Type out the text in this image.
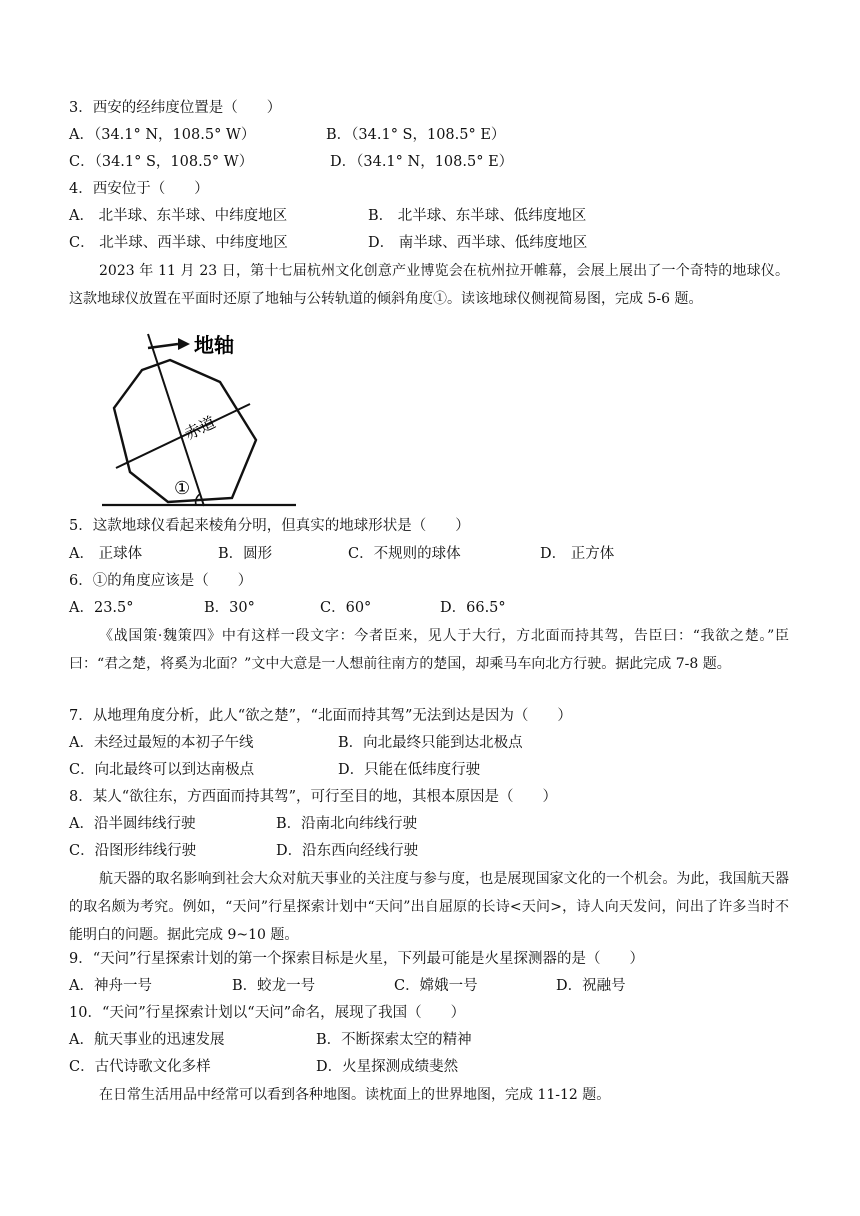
3．西安的经纬度位置是（　　）
A．（34.1° N，108.5° W）	B．（34.1° S，108.5° E）
C．（34.1° S，108.5° W）	D．（34.1° N，108.5° E）
4．西安位于（　　）
A． 北半球、东半球、中纬度地区	B． 北半球、东半球、低纬度地区
C． 北半球、西半球、中纬度地区	D． 南半球、西半球、低纬度地区
2023 年 11 月 23 日，第十七届杭州文化创意产业博览会在杭州拉开帷幕，会展上展出了一个奇特的地球仪。这款地球仪放置在平面时还原了地轴与公转轨道的倾斜角度①。读该地球仪侧视简易图，完成 5-6 题。
地轴
赤道
①
5．这款地球仪看起来棱角分明，但真实的地球形状是（　　）
A． 正球体	B．圆形	C．不规则的球体	D． 正方体
6．①的角度应该是（　　）
A．23.5°	B．30°	C．60°	D．66.5°
《战国策·魏策四》中有这样一段文字：今者臣来，见人于大行，方北面而持其驾，告臣曰：“我欲之楚。”臣曰：“君之楚，将奚为北面？”文中大意是一人想前往南方的楚国，却乘马车向北方行驶。据此完成 7-8 题。
7．从地理角度分析，此人“欲之楚”，“北面而持其驾”无法到达是因为（　　）
A．未经过最短的本初子午线	B．向北最终只能到达北极点
C．向北最终可以到达南极点	D．只能在低纬度行驶
8．某人“欲往东，方西面而持其驾”，可行至目的地，其根本原因是（　　）
A．沿半圆纬线行驶	B．沿南北向纬线行驶
C．沿图形纬线行驶	D．沿东西向经线行驶
航天器的取名影响到社会大众对航天事业的关注度与参与度，也是展现国家文化的一个机会。为此，我国航天器的取名颇为考究。例如，“天问”行星探索计划中“天问”出自屈原的长诗<天问>，诗人向天发问，问出了许多当时不能明白的问题。据此完成 9~10 题。
9．“天问”行星探索计划的第一个探索目标是火星，下列最可能是火星探测器的是（　　）
A．神舟一号	B．蛟龙一号	C．嫦娥一号	D．祝融号
10．“天问”行星探索计划以“天问”命名，展现了我国（　　）
A．航天事业的迅速发展	B．不断探索太空的精神
C．古代诗歌文化多样	D．火星探测成绩斐然
在日常生活用品中经常可以看到各种地图。读枕面上的世界地图，完成 11-12 题。
